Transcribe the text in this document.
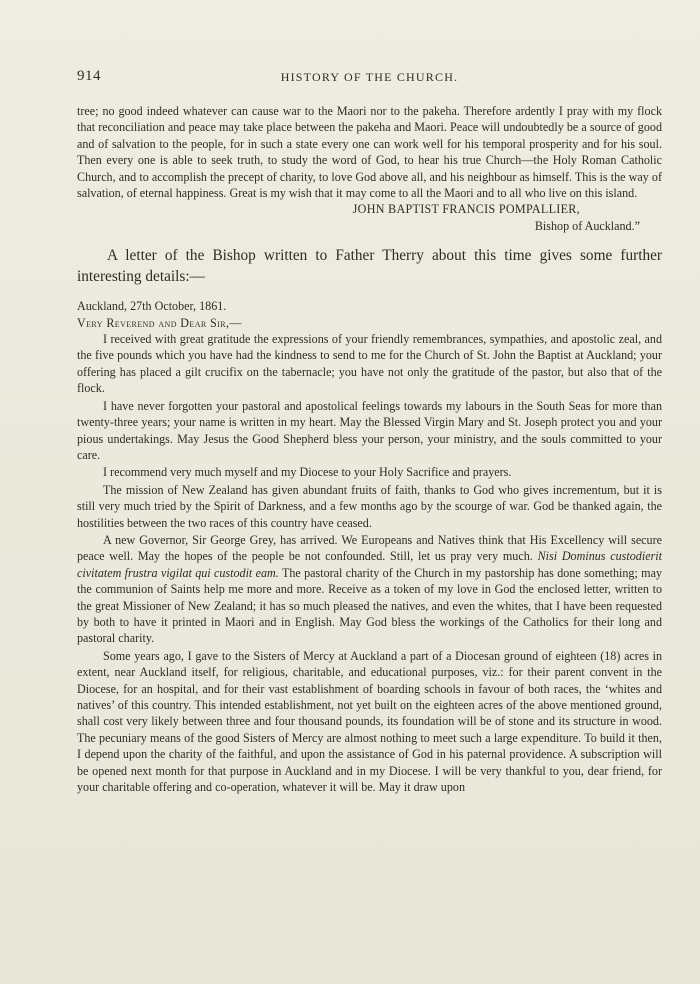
914	HISTORY OF THE CHURCH.

tree; no good indeed whatever can cause war to the Maori nor to the pakeha. Therefore ardently I pray with my flock that reconciliation and peace may take place between the pakeha and Maori. Peace will undoubtedly be a source of good and of salvation to the people, for in such a state every one can work well for his temporal prosperity and for his soul. Then every one is able to seek truth, to study the word of God, to hear his true Church—the Holy Roman Catholic Church, and to accomplish the precept of charity, to love God above all, and his neighbour as himself. This is the way of salvation, of eternal happiness. Great is my wish that it may come to all the Maori and to all who live on this island.

JOHN BAPTIST FRANCIS POMPALLIER,
Bishop of Auckland.”

A letter of the Bishop written to Father Therry about this time gives some further interesting details:—

Auckland, 27th October, 1861.

Very Reverend and Dear Sir,—

I received with great gratitude the expressions of your friendly remembrances, sympathies, and apostolic zeal, and the five pounds which you have had the kindness to send to me for the Church of St. John the Baptist at Auckland; your offering has placed a gilt crucifix on the tabernacle; you have not only the gratitude of the pastor, but also that of the flock.

I have never forgotten your pastoral and apostolical feelings towards my labours in the South Seas for more than twenty-three years; your name is written in my heart. May the Blessed Virgin Mary and St. Joseph protect you and your pious undertakings. May Jesus the Good Shepherd bless your person, your ministry, and the souls committed to your care.

I recommend very much myself and my Diocese to your Holy Sacrifice and prayers.

The mission of New Zealand has given abundant fruits of faith, thanks to God who gives incrementum, but it is still very much tried by the Spirit of Darkness, and a few months ago by the scourge of war. God be thanked again, the hostilities between the two races of this country have ceased.

A new Governor, Sir George Grey, has arrived. We Europeans and Natives think that His Excellency will secure peace well. May the hopes of the people be not confounded. Still, let us pray very much. Nisi Dominus custodierit civitatem frustra vigilat qui custodit eam. The pastoral charity of the Church in my pastorship has done something; may the communion of Saints help me more and more. Receive as a token of my love in God the enclosed letter, written to the great Missioner of New Zealand; it has so much pleased the natives, and even the whites, that I have been requested by both to have it printed in Maori and in English. May God bless the workings of the Catholics for their long and pastoral charity.

Some years ago, I gave to the Sisters of Mercy at Auckland a part of a Diocesan ground of eighteen (18) acres in extent, near Auckland itself, for religious, charitable, and educational purposes, viz.: for their parent convent in the Diocese, for an hospital, and for their vast establishment of boarding schools in favour of both races, the ‘whites and natives’ of this country. This intended establishment, not yet built on the eighteen acres of the above mentioned ground, shall cost very likely between three and four thousand pounds, its foundation will be of stone and its structure in wood. The pecuniary means of the good Sisters of Mercy are almost nothing to meet such a large expenditure. To build it then, I depend upon the charity of the faithful, and upon the assistance of God in his paternal providence. A subscription will be opened next month for that purpose in Auckland and in my Diocese. I will be very thankful to you, dear friend, for your charitable offering and co-operation, whatever it will be. May it draw upon
